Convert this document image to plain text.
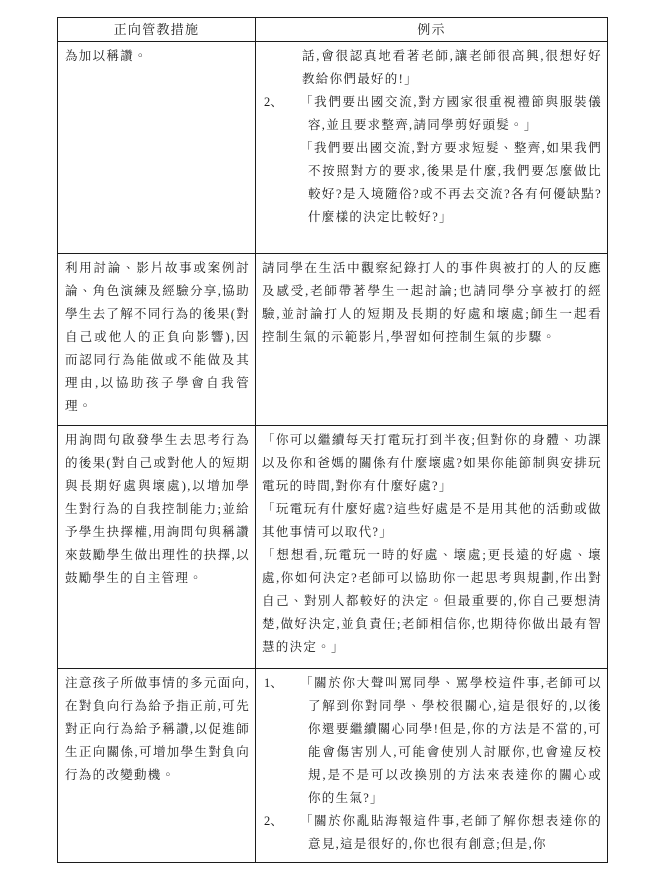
正向管教措施	例示

為加以稱讚。	話,會很認真地看著老師,讓老師很高興,很想好好教給你們最好的!」
2、 「我們要出國交流,對方國家很重視禮節與服裝儀容,並且要求整齊,請同學剪好頭髮。」
「我們要出國交流,對方要求短髮、整齊,如果我們不按照對方的要求,後果是什麼,我們要怎麼做比較好?是入境隨俗?或不再去交流?各有何優缺點?什麼樣的決定比較好?」

利用討論、影片故事或案例討論、角色演練及經驗分享,協助學生去了解不同行為的後果(對自己或他人的正負向影響),因而認同行為能做或不能做及其理由,以協助孩子學會自我管理。	請同學在生活中觀察紀錄打人的事件與被打的人的反應及感受,老師帶著學生一起討論;也請同學分享被打的經驗,並討論打人的短期及長期的好處和壞處;師生一起看控制生氣的示範影片,學習如何控制生氣的步驟。

用詢問句啟發學生去思考行為的後果(對自己或對他人的短期與長期好處與壞處),以增加學生對行為的自我控制能力;並給予學生抉擇權,用詢問句與稱讚來鼓勵學生做出理性的抉擇,以鼓勵學生的自主管理。	「你可以繼續每天打電玩打到半夜;但對你的身體、功課以及你和爸媽的關係有什麼壞處?如果你能節制與安排玩電玩的時間,對你有什麼好處?」
「玩電玩有什麼好處?這些好處是不是用其他的活動或做其他事情可以取代?」
「想想看,玩電玩一時的好處、壞處;更長遠的好處、壞處,你如何決定?老師可以協助你一起思考與規劃,作出對自己、對別人都較好的決定。但最重要的,你自己要想清楚,做好決定,並負責任;老師相信你,也期待你做出最有智慧的決定。」

注意孩子所做事情的多元面向,在對負向行為給予指正前,可先對正向行為給予稱讚,以促進師生正向關係,可增加學生對負向行為的改變動機。	1、 「關於你大聲叫罵同學、罵學校這件事,老師可以了解到你對同學、學校很關心,這是很好的,以後你還要繼續關心同學!但是,你的方法是不當的,可能會傷害別人,可能會使別人討厭你,也會違反校規,是不是可以改換別的方法來表達你的關心或你的生氣?」
2、 「關於你亂貼海報這件事,老師了解你想表達你的意見,這是很好的,你也很有創意;但是,你
